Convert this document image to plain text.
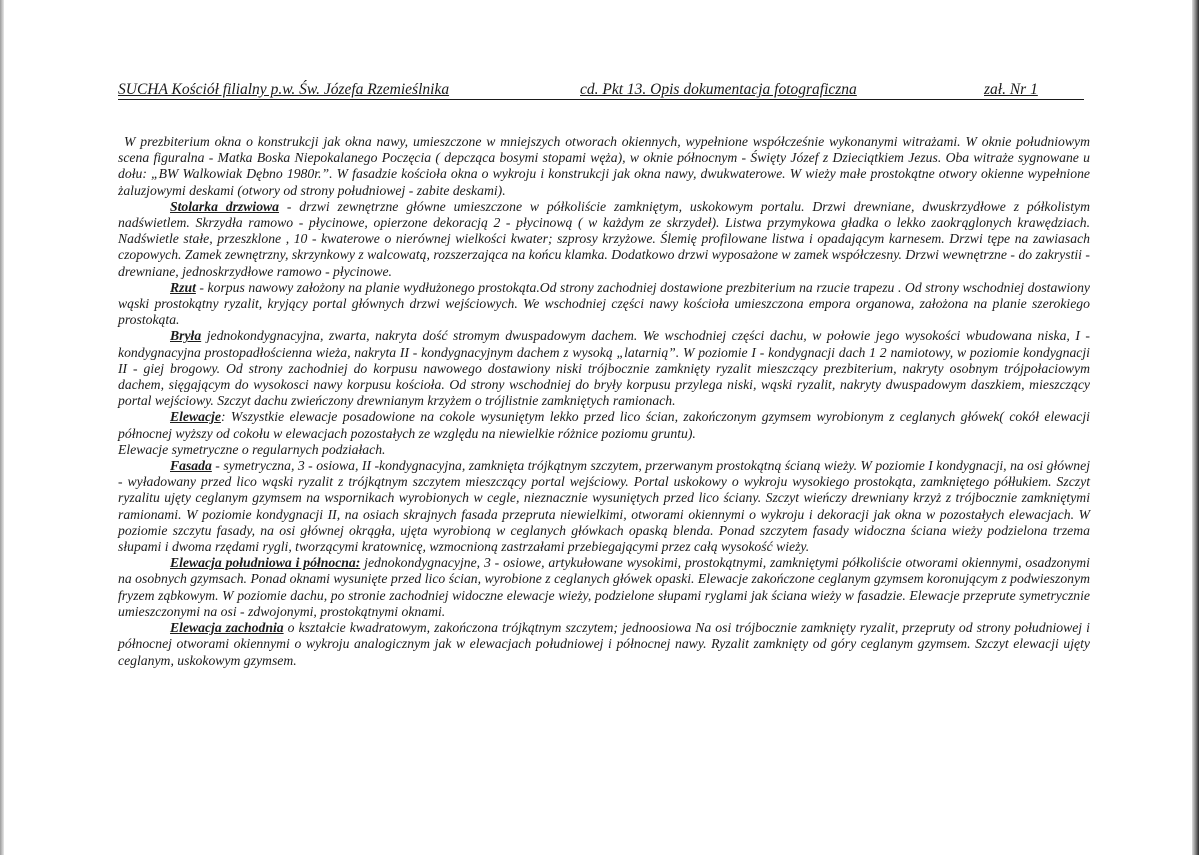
SUCHA Kościół filialny p.w. Św. Józefa Rzemieślnika	cd. Pkt 13. Opis dokumentacja fotograficzna	zał. Nr 1

W prezbiterium okna o konstrukcji jak okna nawy, umieszczone w mniejszych otworach okiennych, wypełnione współcześnie wykonanymi witrażami. W oknie południowym scena figuralna - Matka Boska Niepokalanego Poczęcia ( depcząca bosymi stopami węża), w oknie północnym - Święty Józef z Dzieciątkiem Jezus. Oba witraże sygnowane u dołu: „BW Walkowiak Dębno 1980r.”. W fasadzie kościoła okna o wykroju i konstrukcji jak okna nawy, dwukwaterowe. W wieży małe prostokątne otwory okienne wypełnione żaluzjowymi deskami (otwory od strony południowej - zabite deskami).

Stolarka drzwiowa - drzwi zewnętrzne główne umieszczone w półkoliście zamkniętym, uskokowym portalu. Drzwi drewniane, dwuskrzydłowe z półkolistym nadświetlem. Skrzydła ramowo - płycinowe, opierzone dekoracją 2 - płycinową ( w każdym ze skrzydeł). Listwa przymykowa gładka o lekko zaokrąglonych krawędziach. Nadświetle stałe, przeszklone , 10 - kwaterowe o nierównej wielkości kwater; szprosy krzyżowe. Ślemię profilowane listwa i opadającym karnesem. Drzwi tępe na zawiasach czopowych. Zamek zewnętrzny, skrzynkowy z walcowatą, rozszerzająca na końcu klamka. Dodatkowo drzwi wyposażone w zamek współczesny. Drzwi wewnętrzne - do zakrystii - drewniane, jednoskrzydłowe ramowo - płycinowe.

Rzut - korpus nawowy założony na planie wydłużonego prostokąta.Od strony zachodniej dostawione prezbiterium na rzucie trapezu . Od strony wschodniej dostawiony wąski prostokątny ryzalit, kryjący portal głównych drzwi wejściowych. We wschodniej części nawy kościoła umieszczona empora organowa, założona na planie szerokiego prostokąta.

Bryła jednokondygnacyjna, zwarta, nakryta dość stromym dwuspadowym dachem. We wschodniej części dachu, w połowie jego wysokości wbudowana niska, I - kondygnacyjna prostopadłościenna wieża, nakryta II - kondygnacyjnym dachem z wysoką „latarnią”. W poziomie I - kondygnacji dach 1 2 namiotowy, w poziomie kondygnacji II - giej brogowy. Od strony zachodniej do korpusu nawowego dostawiony niski trójbocznie zamknięty ryzalit mieszczący prezbiterium, nakryty osobnym trójpołaciowym dachem, sięgającym do wysokosci nawy korpusu kościoła. Od strony wschodniej do bryły korpusu przylega niski, wąski ryzalit, nakryty dwuspadowym daszkiem, mieszczący portal wejściowy. Szczyt dachu zwieńczony drewnianym krzyżem o trójlistnie zamkniętych ramionach.

Elewacje: Wszystkie elewacje posadowione na cokole wysuniętym lekko przed lico ścian, zakończonym gzymsem wyrobionym z ceglanych główek( cokół elewacji północnej wyższy od cokołu w elewacjach pozostałych ze względu na niewielkie różnice poziomu gruntu).

Elewacje symetryczne o regularnych podziałach.

Fasada - symetryczna, 3 - osiowa, II -kondygnacyjna, zamknięta trójkątnym szczytem, przerwanym prostokątną ścianą wieży. W poziomie I kondygnacji, na osi głównej - wyładowany przed lico wąski ryzalit z trójkątnym szczytem mieszczący portal wejściowy. Portal uskokowy o wykroju wysokiego prostokąta, zamkniętego półłukiem. Szczyt ryzalitu ujęty ceglanym gzymsem na wspornikach wyrobionych w cegle, nieznacznie wysuniętych przed lico ściany. Szczyt wieńczy drewniany krzyż z trójbocznie zamkniętymi ramionami. W poziomie kondygnacji II, na osiach skrajnych fasada przepruta niewielkimi, otworami okiennymi o wykroju i dekoracji jak okna w pozostałych elewacjach. W poziomie szczytu fasady, na osi głównej okrągła, ujęta wyrobioną w ceglanych główkach opaską blenda. Ponad szczytem fasady widoczna ściana wieży podzielona trzema słupami i dwoma rzędami rygli, tworzącymi kratownicę, wzmocnioną zastrzałami przebiegającymi przez całą wysokość wieży.

Elewacja południowa i północna: jednokondygnacyjne, 3 - osiowe, artykułowane wysokimi, prostokątnymi, zamkniętymi półkoliście otworami okiennymi, osadzonymi na osobnych gzymsach. Ponad oknami wysunięte przed lico ścian, wyrobione z ceglanych główek opaski. Elewacje zakończone ceglanym gzymsem koronującym z podwieszonym fryzem ząbkowym. W poziomie dachu, po stronie zachodniej widoczne elewacje wieży, podzielone słupami ryglami jak ściana wieży w fasadzie. Elewacje przeprute symetrycznie umieszczonymi na osi - zdwojonymi, prostokątnymi oknami.

Elewacja zachodnia o kształcie kwadratowym, zakończona trójkątnym szczytem; jednoosiowa Na osi trójbocznie zamknięty ryzalit, przepruty od strony południowej i północnej otworami okiennymi o wykroju analogicznym jak w elewacjach południowej i północnej nawy. Ryzalit zamknięty od góry ceglanym gzymsem. Szczyt elewacji ujęty ceglanym, uskokowym gzymsem.
